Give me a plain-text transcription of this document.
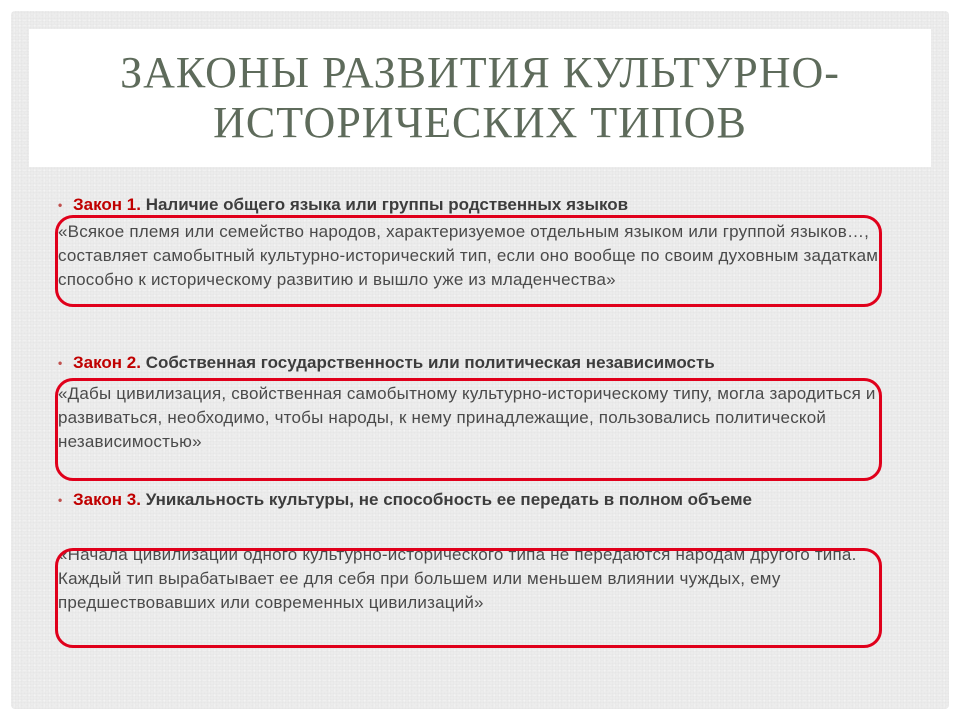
ЗАКОНЫ РАЗВИТИЯ КУЛЬТУРНО-
ИСТОРИЧЕСКИХ ТИПОВ
• Закон 1. Наличие общего языка или группы родственных языков
«Всякое племя или семейство народов, характеризуемое отдельным языком или группой языков…, составляет самобытный культурно-исторический тип, если оно вообще по своим духовным задаткам способно к историческому развитию и вышло уже из младенчества»
• Закон 2. Собственная государственность или политическая независимость
«Дабы цивилизация, свойственная самобытному культурно-историческому типу, могла зародиться и развиваться, необходимо, чтобы народы, к нему принадлежащие, пользовались политической независимостью»
• Закон 3. Уникальность культуры, не способность ее передать в полном объеме
«Начала цивилизации одного культурно-исторического типа не передаются народам другого типа. Каждый тип вырабатывает ее для себя при большем или меньшем влиянии чуждых, ему предшествовавших или современных цивилизаций»
